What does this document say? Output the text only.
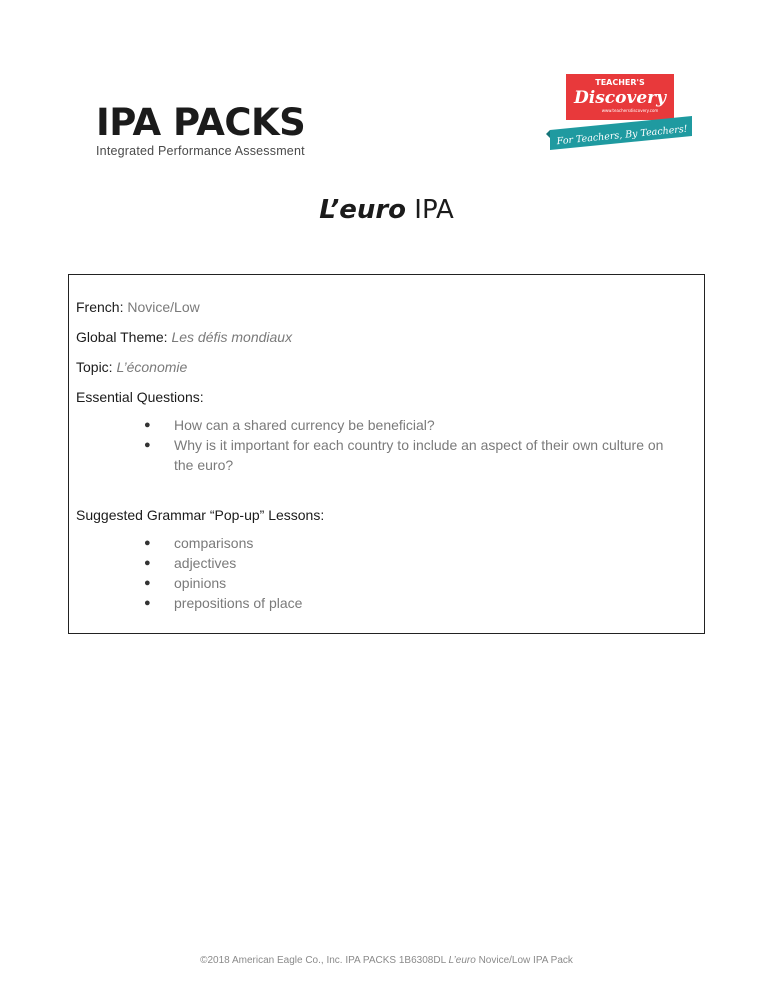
IPA PACKS
Integrated Performance Assessment
TEACHER'S
Discovery
www.teachersdiscovery.com
For Teachers, By Teachers!
L’euro IPA
French: Novice/Low
Global Theme: Les défis mondiaux
Topic: L’économie
Essential Questions:
● How can a shared currency be beneficial?
● Why is it important for each country to include an aspect of their own culture on the euro?
Suggested Grammar “Pop-up” Lessons:
● comparisons
● adjectives
● opinions
● prepositions of place
©2018 American Eagle Co., Inc. IPA PACKS 1B6308DL L’euro Novice/Low IPA Pack
